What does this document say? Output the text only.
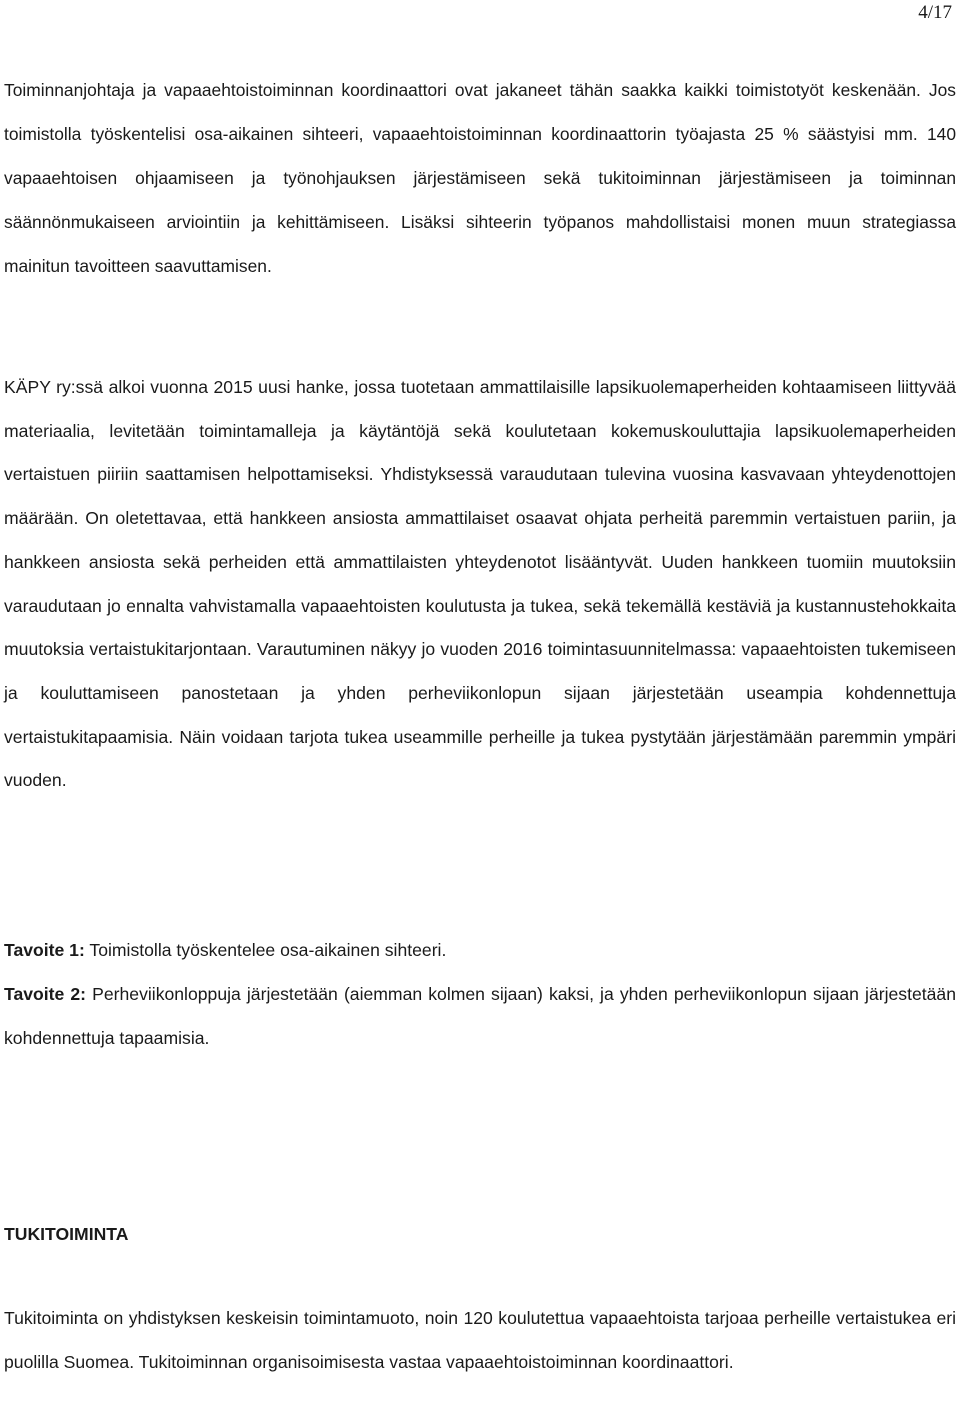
4/17

Toiminnanjohtaja ja vapaaehtoistoiminnan koordinaattori ovat jakaneet tähän saakka kaikki toimistotyöt keskenään. Jos toimistolla työskentelisi osa-aikainen sihteeri, vapaaehtoistoiminnan koordinaattorin työajasta 25 % säästyisi mm. 140 vapaaehtoisen ohjaamiseen ja työnohjauksen järjestämiseen sekä tukitoiminnan järjestämiseen ja toiminnan säännönmukaiseen arviointiin ja kehittämiseen. Lisäksi sihteerin työpanos mahdollistaisi monen muun strategiassa mainitun tavoitteen saavuttamisen.

KÄPY ry:ssä alkoi vuonna 2015 uusi hanke, jossa tuotetaan ammattilaisille lapsikuolemaperheiden kohtaamiseen liittyvää materiaalia, levitetään toimintamalleja ja käytäntöjä sekä koulutetaan kokemuskouluttajia lapsikuolemaperheiden vertaistuen piiriin saattamisen helpottamiseksi. Yhdistyksessä varaudutaan tulevina vuosina kasvavaan yhteydenottojen määrään. On oletettavaa, että hankkeen ansiosta ammattilaiset osaavat ohjata perheitä paremmin vertaistuen pariin, ja hankkeen ansiosta sekä perheiden että ammattilaisten yhteydenotot lisääntyvät. Uuden hankkeen tuomiin muutoksiin varaudutaan jo ennalta vahvistamalla vapaaehtoisten koulutusta ja tukea, sekä tekemällä kestäviä ja kustannustehokkaita muutoksia vertaistukitarjontaan. Varautuminen näkyy jo vuoden 2016 toimintasuunnitelmassa: vapaaehtoisten tukemiseen ja kouluttamiseen panostetaan ja yhden perheviikonlopun sijaan järjestetään useampia kohdennettuja vertaistukitapaamisia. Näin voidaan tarjota tukea useammille perheille ja tukea pystytään järjestämään paremmin ympäri vuoden.

Tavoite 1: Toimistolla työskentelee osa-aikainen sihteeri.

Tavoite 2: Perheviikonloppuja järjestetään (aiemman kolmen sijaan) kaksi, ja yhden perheviikonlopun sijaan järjestetään kohdennettuja tapaamisia.

TUKITOIMINTA

Tukitoiminta on yhdistyksen keskeisin toimintamuoto, noin 120 koulutettua vapaaehtoista tarjoaa perheille vertaistukea eri puolilla Suomea. Tukitoiminnan organisoimisesta vastaa vapaaehtoistoiminnan koordinaattori.
